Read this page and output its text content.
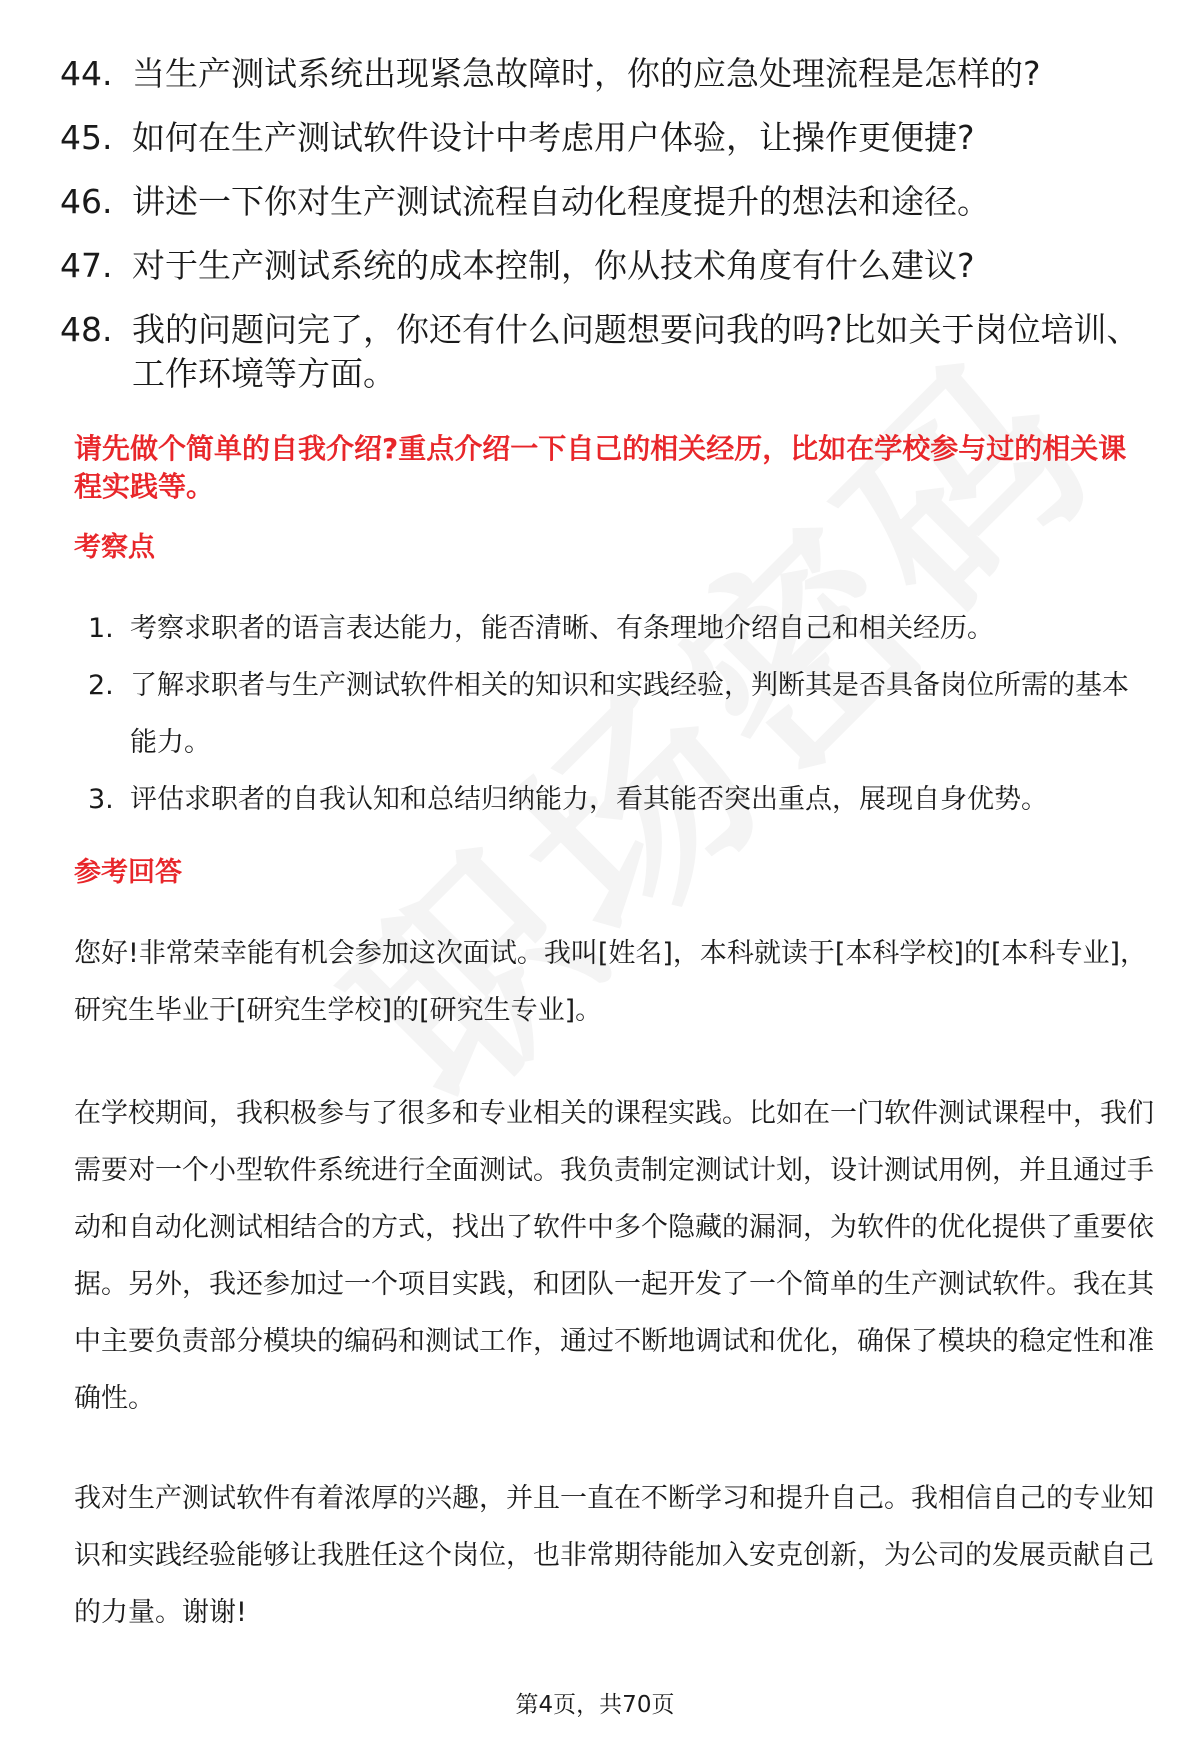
44. 当生产测试系统出现紧急故障时，你的应急处理流程是怎样的?
45. 如何在生产测试软件设计中考虑用户体验，让操作更便捷?
46. 讲述一下你对生产测试流程自动化程度提升的想法和途径。
47. 对于生产测试系统的成本控制，你从技术角度有什么建议?
48. 我的问题问完了，你还有什么问题想要问我的吗?比如关于岗位培训、工作环境等方面。

请先做个简单的自我介绍?重点介绍一下自己的相关经历，比如在学校参与过的相关课程实践等。

考察点

1. 考察求职者的语言表达能力，能否清晰、有条理地介绍自己和相关经历。
2. 了解求职者与生产测试软件相关的知识和实践经验，判断其是否具备岗位所需的基本能力。
3. 评估求职者的自我认知和总结归纳能力，看其能否突出重点，展现自身优势。

参考回答

您好!非常荣幸能有机会参加这次面试。我叫[姓名]，本科就读于[本科学校]的[本科专业]，研究生毕业于[研究生学校]的[研究生专业]。

在学校期间，我积极参与了很多和专业相关的课程实践。比如在一门软件测试课程中，我们需要对一个小型软件系统进行全面测试。我负责制定测试计划，设计测试用例，并且通过手动和自动化测试相结合的方式，找出了软件中多个隐藏的漏洞，为软件的优化提供了重要依据。另外，我还参加过一个项目实践，和团队一起开发了一个简单的生产测试软件。我在其中主要负责部分模块的编码和测试工作，通过不断地调试和优化，确保了模块的稳定性和准确性。

我对生产测试软件有着浓厚的兴趣，并且一直在不断学习和提升自己。我相信自己的专业知识和实践经验能够让我胜任这个岗位，也非常期待能加入安克创新，为公司的发展贡献自己的力量。谢谢!

第4页，共70页
